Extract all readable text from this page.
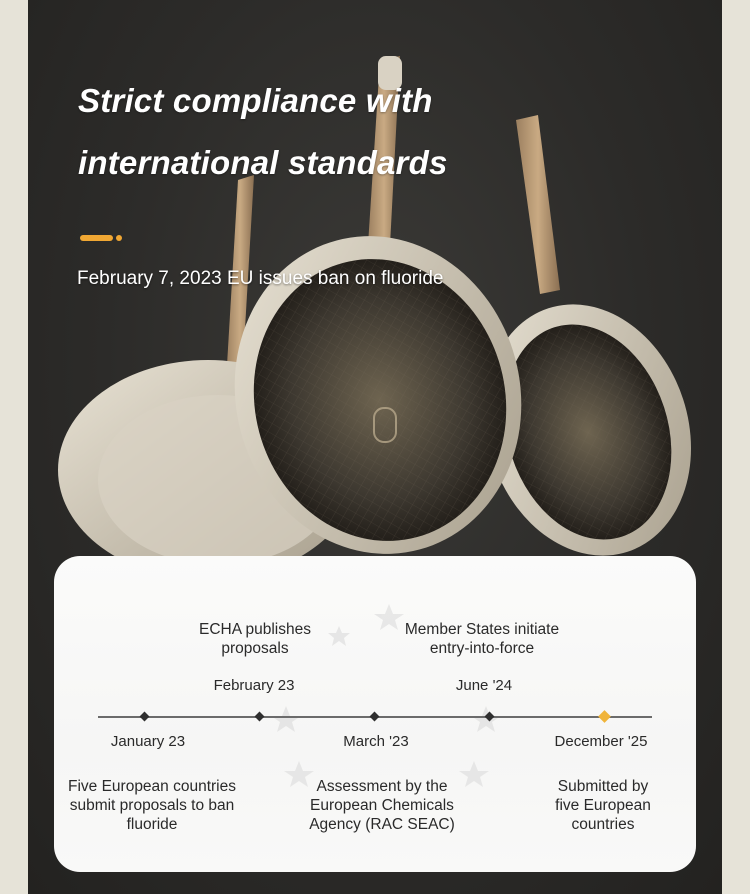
Strict compliance with
international standards

February 7, 2023 EU issues ban on fluoride

ECHA publishes proposals

February 23

Member States initiate entry-into-force

June '24

January 23

Five European countries submit proposals to ban fluoride

March '23

Assessment by the European Chemicals Agency (RAC SEAC)

December '25

Submitted by five European countries
